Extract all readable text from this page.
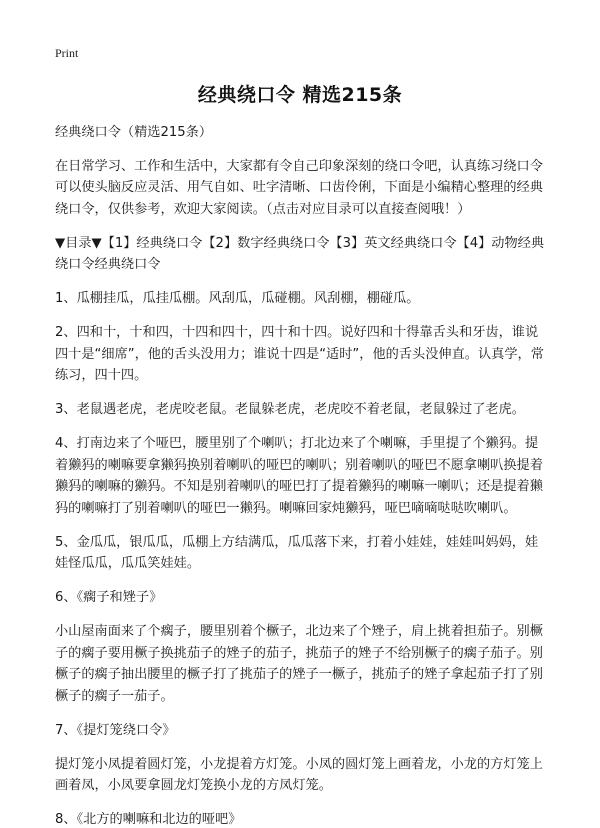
Print
经典绕口令 精选215条

经典绕口令（精选215条）

在日常学习、工作和生活中，大家都有令自己印象深刻的绕口令吧，认真练习绕口令可以使头脑反应灵活、用气自如、吐字清晰、口齿伶俐，下面是小编精心整理的经典绕口令，仅供参考，欢迎大家阅读。（点击对应目录可以直接查阅哦！）

▼目录▼【1】经典绕口令【2】数字经典绕口令【3】英文经典绕口令【4】动物经典绕口令经典绕口令

1、瓜棚挂瓜，瓜挂瓜棚。风刮瓜，瓜碰棚。风刮棚，棚碰瓜。

2、四和十，十和四，十四和四十，四十和十四。说好四和十得靠舌头和牙齿，谁说四十是“细席”，他的舌头没用力；谁说十四是“适时”，他的舌头没伸直。认真学，常练习，四十四。

3、老鼠遇老虎，老虎咬老鼠。老鼠躲老虎，老虎咬不着老鼠，老鼠躲过了老虎。

4、打南边来了个哑巴，腰里别了个喇叭；打北边来了个喇嘛，手里提了个獭犸。提着獭犸的喇嘛要拿獭犸换别着喇叭的哑巴的喇叭；别着喇叭的哑巴不愿拿喇叭换提着獭犸的喇嘛的獭犸。不知是别着喇叭的哑巴打了提着獭犸的喇嘛一喇叭；还是提着獭犸的喇嘛打了别着喇叭的哑巴一獭犸。喇嘛回家炖獭犸，哑巴嘀嘀哒哒吹喇叭。

5、金瓜瓜，银瓜瓜，瓜棚上方结满瓜，瓜瓜落下来，打着小娃娃，娃娃叫妈妈，娃娃怪瓜瓜，瓜瓜笑娃娃。

6、《瘸子和矬子》

小山屋南面来了个瘸子，腰里别着个橛子，北边来了个矬子，肩上挑着担茄子。别橛子的瘸子要用橛子换挑茄子的矬子的茄子，挑茄子的矬子不给别橛子的瘸子茄子。别橛子的瘸子抽出腰里的橛子打了挑茄子的矬子一橛子，挑茄子的矬子拿起茄子打了别橛子的瘸子一茄子。

7、《提灯笼绕口令》

提灯笼小凤提着圆灯笼，小龙提着方灯笼。小凤的圆灯笼上画着龙，小龙的方灯笼上画着凤，小凤要拿圆龙灯笼换小龙的方凤灯笼。

8、《北方的喇嘛和北边的哑吧》
